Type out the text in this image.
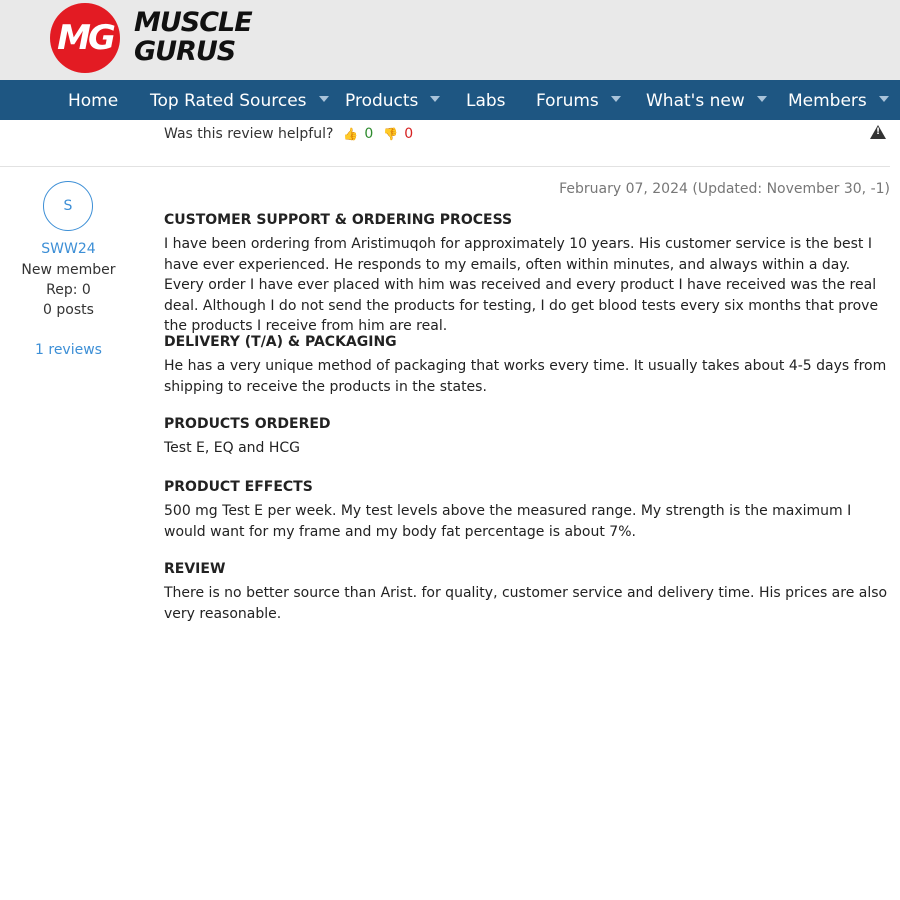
MG MUSCLE
GURUS
Home Top Rated Sources	Products	Labs Forums	What's new	Members
Was this review helpful? 👍 0 👎 0
!
S
SWW24
New member
Rep: 0
0 posts
1 reviews
February 07, 2024 (Updated: November 30, -1)
CUSTOMER SUPPORT & ORDERING PROCESS
I have been ordering from Aristimuqoh for approximately 10 years. His customer service is the best I have ever experienced. He responds to my emails, often within minutes, and always within a day. Every order I have ever placed with him was received and every product I have received was the real deal. Although I do not send the products for testing, I do get blood tests every six months that prove the products I receive from him are real.
DELIVERY (T/A) & PACKAGING
He has a very unique method of packaging that works every time. It usually takes about 4-5 days from shipping to receive the products in the states.
PRODUCTS ORDERED
Test E, EQ and HCG
PRODUCT EFFECTS
500 mg Test E per week. My test levels above the measured range. My strength is the maximum I would want for my frame and my body fat percentage is about 7%.
REVIEW
There is no better source than Arist. for quality, customer service and delivery time. His prices are also very reasonable.
